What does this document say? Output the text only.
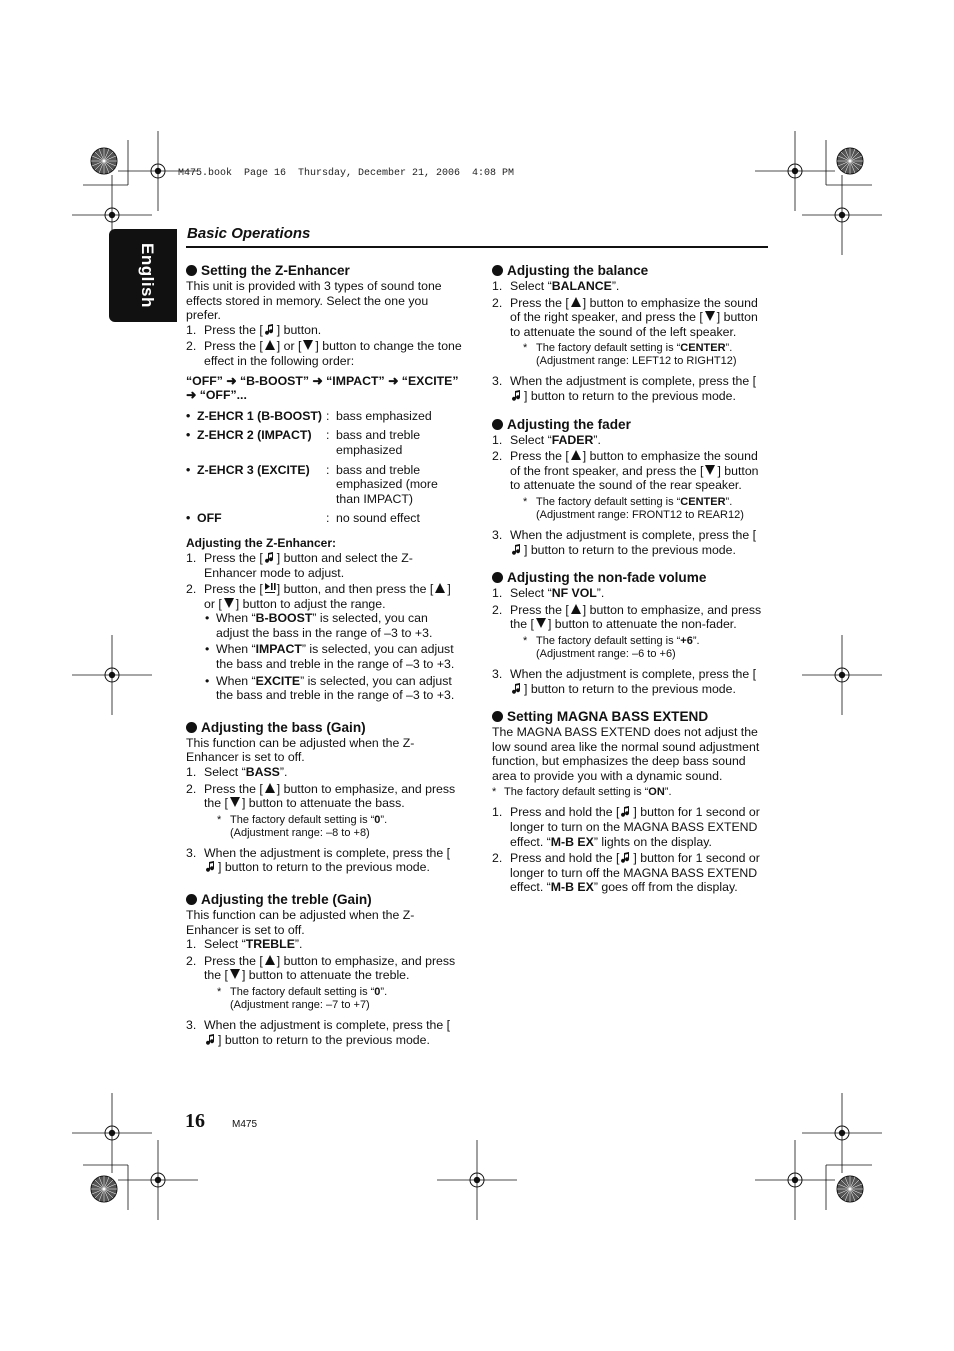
M475.book  Page 16  Thursday, December 21, 2006  4:08 PM
English
Basic Operations
Setting the Z-Enhancer

This unit is provided with 3 types of sound tone effects stored in memory. Select the one you prefer.

1. Press the [ ] button.
2. Press the [ ] or [ ] button to change the tone effect in the following order:

“OFF” ➜ “B-BOOST” ➜ “IMPACT” ➜ “EXCITE” ➜ “OFF”...

• Z-EHCR 1 (B-BOOST) : bass emphasized
• Z-EHCR 2 (IMPACT)	: bass and treble emphasized
• Z-EHCR 3 (EXCITE)	: bass and treble emphasized (more than IMPACT)
• OFF	: no sound effect
Adjusting the Z-Enhancer:
1. Press the [ ] button and select the Z-Enhancer mode to adjust.
2. Press the [ ] button, and then press the [ ] or [ ] button to adjust the range.
• When “B-BOOST” is selected, you can adjust the bass in the range of –3 to +3.
• When “IMPACT” is selected, you can adjust the bass and treble in the range of –3 to +3.
• When “EXCITE” is selected, you can adjust the bass and treble in the range of –3 to +3.
Adjusting the bass (Gain)

This function can be adjusted when the Z-Enhancer is set to off.

1. Select “BASS”.
2. Press the [ ] button to emphasize, and press the [ ] button to attenuate the bass.
* The factory default setting is “0”.
(Adjustment range: –8 to +8)
3. When the adjustment is complete, press the [
] button to return to the previous mode.
Adjusting the treble (Gain)

This function can be adjusted when the Z-Enhancer is set to off.

1. Select “TREBLE”.
2. Press the [ ] button to emphasize, and press the [ ] button to attenuate the treble.
* The factory default setting is “0”.
(Adjustment range: –7 to +7)
3. When the adjustment is complete, press the [
] button to return to the previous mode.
Adjusting the balance
1. Select “BALANCE”.
2. Press the [ ] button to emphasize the sound of the right speaker, and press the [ ] button to attenuate the sound of the left speaker.
* The factory default setting is “CENTER”.
(Adjustment range: LEFT12 to RIGHT12)
3. When the adjustment is complete, press the [
] button to return to the previous mode.
Adjusting the fader
1. Select “FADER”.
2. Press the [ ] button to emphasize the sound of the front speaker, and press the [ ] button to attenuate the sound of the rear speaker.
* The factory default setting is “CENTER”.
(Adjustment range: FRONT12 to REAR12)
3. When the adjustment is complete, press the [
] button to return to the previous mode.
Adjusting the non-fade volume
1. Select “NF VOL”.
2. Press the [ ] button to emphasize, and press the [ ] button to attenuate the non-fader.
* The factory default setting is “+6”.
(Adjustment range: –6 to +6)
3. When the adjustment is complete, press the [
] button to return to the previous mode.
Setting MAGNA BASS EXTEND

The MAGNA BASS EXTEND does not adjust the low sound area like the normal sound adjustment function, but emphasizes the deep bass sound area to provide you with a dynamic sound.

* The factory default setting is “ON”.
1. Press and hold the [ ] button for 1 second or longer to turn on the MAGNA BASS EXTEND effect. “M-B EX” lights on the display.
2. Press and hold the [ ] button for 1 second or longer to turn off the MAGNA BASS EXTEND effect. “M-B EX” goes off from the display.
16	M475
